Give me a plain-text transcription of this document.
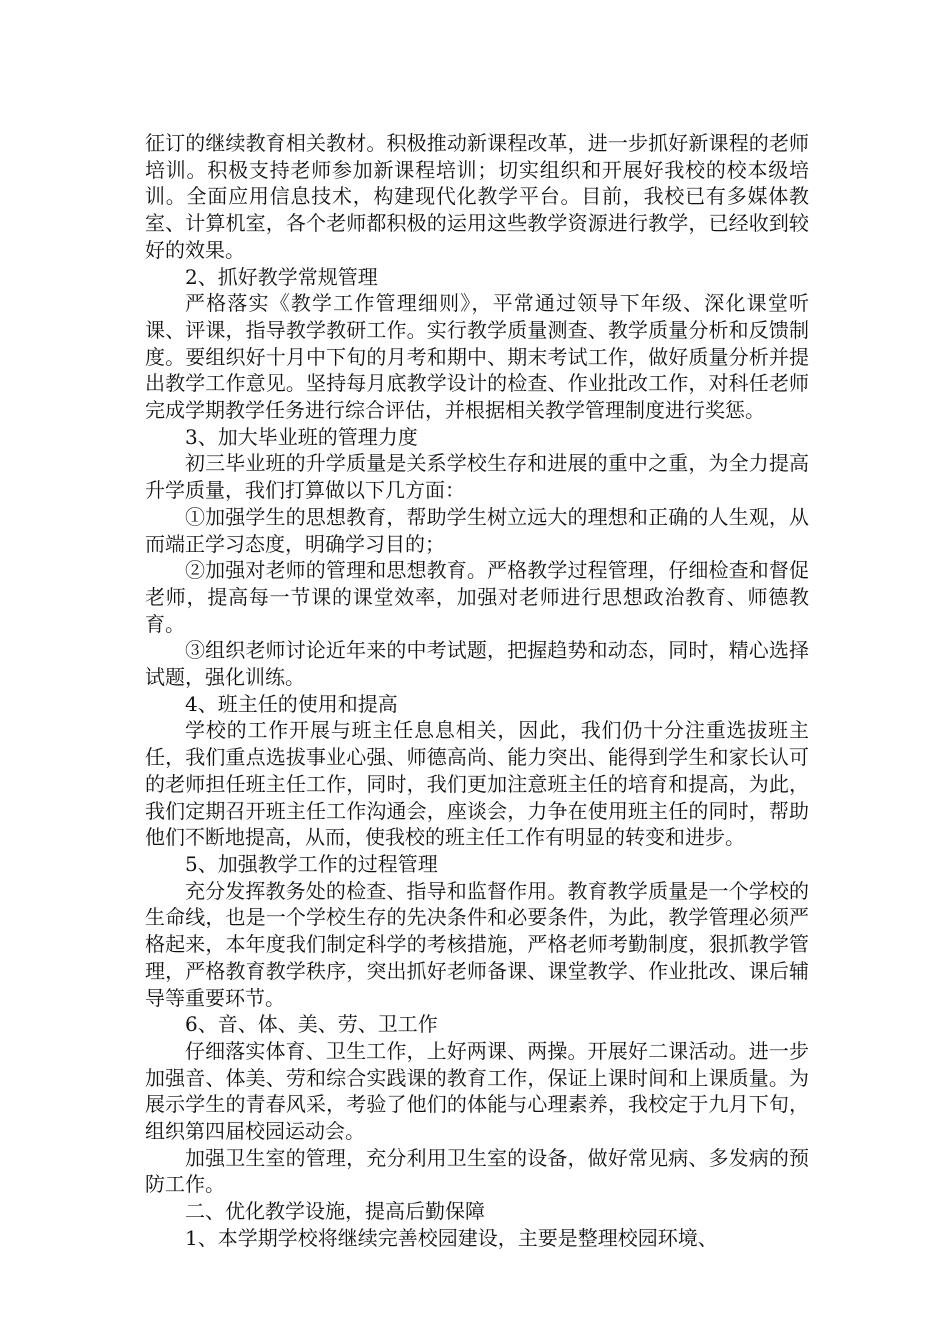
征订的继续教育相关教材。积极推动新课程改革，进一步抓好新课程的老师培训。积极支持老师参加新课程培训；切实组织和开展好我校的校本级培训。全面应用信息技术，构建现代化教学平台。目前，我校已有多媒体教室、计算机室，各个老师都积极的运用这些教学资源进行教学，已经收到较好的效果。

2、抓好教学常规管理

严格落实《教学工作管理细则》，平常通过领导下年级、深化课堂听课、评课，指导教学教研工作。实行教学质量测查、教学质量分析和反馈制度。要组织好十月中下旬的月考和期中、期末考试工作，做好质量分析并提出教学工作意见。坚持每月底教学设计的检查、作业批改工作，对科任老师完成学期教学任务进行综合评估，并根据相关教学管理制度进行奖惩。

3、加大毕业班的管理力度

初三毕业班的升学质量是关系学校生存和进展的重中之重，为全力提高升学质量，我们打算做以下几方面：

①加强学生的思想教育，帮助学生树立远大的理想和正确的人生观，从而端正学习态度，明确学习目的；

②加强对老师的管理和思想教育。严格教学过程管理，仔细检查和督促老师，提高每一节课的课堂效率，加强对老师进行思想政治教育、师德教育。

③组织老师讨论近年来的中考试题，把握趋势和动态，同时，精心选择试题，强化训练。

4、班主任的使用和提高

学校的工作开展与班主任息息相关，因此，我们仍十分注重选拔班主任，我们重点选拔事业心强、师德高尚、能力突出、能得到学生和家长认可的老师担任班主任工作，同时，我们更加注意班主任的培育和提高，为此，我们定期召开班主任工作沟通会，座谈会，力争在使用班主任的同时，帮助他们不断地提高，从而，使我校的班主任工作有明显的转变和进步。

5、加强教学工作的过程管理

充分发挥教务处的检查、指导和监督作用。教育教学质量是一个学校的生命线，也是一个学校生存的先决条件和必要条件，为此，教学管理必须严格起来，本年度我们制定科学的考核措施，严格老师考勤制度，狠抓教学管理，严格教育教学秩序，突出抓好老师备课、课堂教学、作业批改、课后辅导等重要环节。

6、音、体、美、劳、卫工作

仔细落实体育、卫生工作，上好两课、两操。开展好二课活动。进一步加强音、体美、劳和综合实践课的教育工作，保证上课时间和上课质量。为展示学生的青春风采，考验了他们的体能与心理素养，我校定于九月下旬，组织第四届校园运动会。

加强卫生室的管理，充分利用卫生室的设备，做好常见病、多发病的预防工作。

二、优化教学设施，提高后勤保障

1、本学期学校将继续完善校园建设，主要是整理校园环境、
